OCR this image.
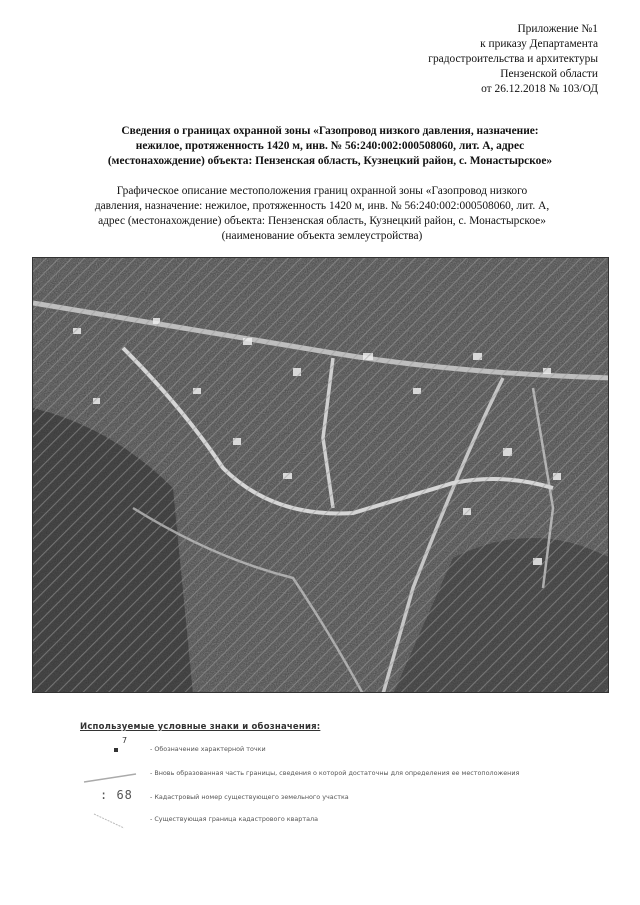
Приложение №1
к приказу Департамента
градостроительства и архитектуры
Пензенской области
от 26.12.2018 № 103/ОД
Сведения о границах охранной зоны «Газопровод низкого давления, назначение:
нежилое, протяженность 1420 м, инв. № 56:240:002:000508060, лит. А, адрес
(местонахождение) объекта: Пензенская область, Кузнецкий район, с. Монастырское»
Графическое описание местоположения границ охранной зоны «Газопровод низкого
давления, назначение: нежилое, протяженность 1420 м, инв. № 56:240:002:000508060, лит. А,
адрес (местонахождение) объекта: Пензенская область, Кузнецкий район, с. Монастырское»
(наименование объекта землеустройства)
Используемые условные знаки и обозначения:
7
- Обозначение характерной точки
- Вновь образованная часть границы, сведения о которой достаточны для определения ее местоположения
: 68	- Кадастровый номер существующего земельного участка
- Существующая граница кадастрового квартала
